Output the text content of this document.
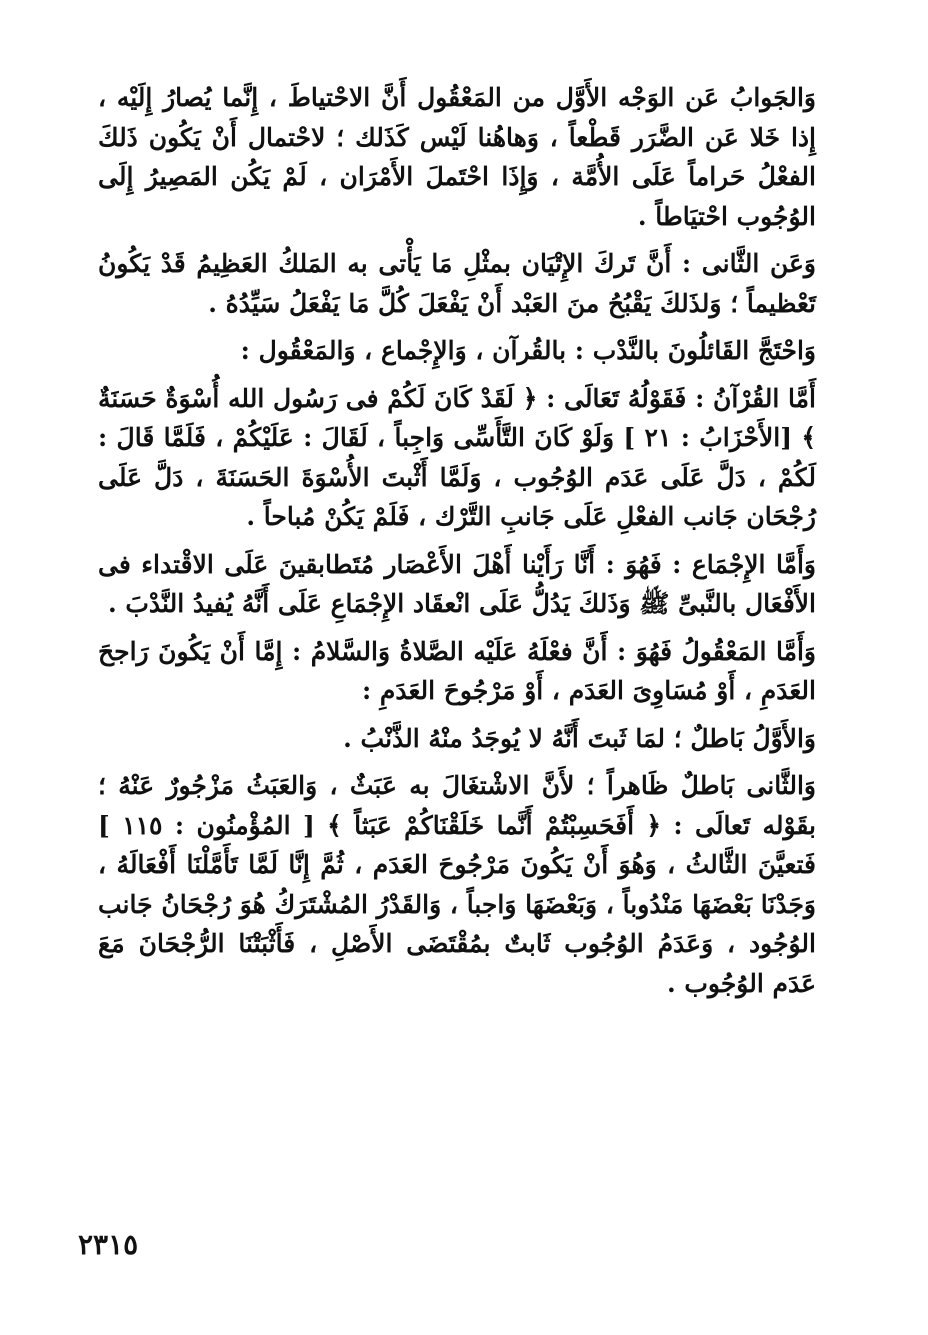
وَالجَوابُ عَن الوَجْه الأَوَّل من المَعْقُول أَنَّ الاحْتياطَ ، إِنَّما يُصارُ إِلَيْه ، إِذا خَلا عَن الضَّرَر قَطْعاً ، وَهاهُنا لَيْس كَذَلك ؛ لاحْتمال أَنْ يَكُون ذَلكَ الفعْلُ حَراماً عَلَى الأُمَّة ، وَإِذَا احْتَملَ الأَمْرَان ، لَمْ يَكُن المَصِيرُ إِلَى الوُجُوب احْتيَاطاً .

وَعَن الثَّانى : أَنَّ تَركَ الإِتْيَان بمثْلِ مَا يَأْتى به المَلكُ العَظِيمُ قَدْ يَكُونُ تَعْظيماً ؛ وَلذَلكَ يَقْبُحُ منَ العَبْد أَنْ يَفْعَلَ كُلَّ مَا يَفْعَلُ سَيِّدُهُ .

وَاحْتَجَّ القَائلُونَ بالنَّدْب : بالقُرآن ، وَالإِجْماع ، وَالمَعْقُول :

أَمَّا القُرْآنُ : فَقَوْلُهُ تَعَالَى : ﴿ لَقَدْ كَانَ لَكُمْ فى رَسُول الله أُسْوَةٌ حَسَنَةٌ ﴾ [الأَحْزَابُ : ٢١ ] وَلَوْ كَانَ التَّأَسِّى وَاجِباً ، لَقَالَ : عَلَيْكُمْ ، فَلَمَّا قَالَ : لَكُمْ ، دَلَّ عَلَى عَدَم الوُجُوب ، وَلَمَّا أَثْبتَ الأُسْوَةَ الحَسَنَةَ ، دَلَّ عَلَى رُجْحَان جَانب الفعْلِ عَلَى جَانبِ التَّرْك ، فَلَمْ يَكُنْ مُباحاً .

وَأَمَّا الإِجْمَاع : فَهُوَ : أَنَّا رَأَيْنا أَهْلَ الأَعْصَار مُتَطابقينَ عَلَى الاقْتداء فى الأَفْعَال بالنَّبىِّ ﷺ وَذَلكَ يَدُلُّ عَلَى انْعقَاد الإِجْمَاعِ عَلَى أَنَّهُ يُفيدُ النَّدْبَ .

وَأَمَّا المَعْقُولُ فَهُوَ : أَنَّ فعْلَهُ عَلَيْه الصَّلاةُ وَالسَّلامُ : إِمَّا أَنْ يَكُونَ رَاجحَ العَدَمِ ، أَوْ مُسَاوِىَ العَدَم ، أَوْ مَرْجُوحَ العَدَمِ :

وَالأَوَّلُ بَاطلٌ ؛ لمَا ثَبتَ أَنَّهُ لا يُوجَدُ منْهُ الذَّنْبُ .

وَالثَّانى بَاطلٌ ظَاهراً ؛ لأَنَّ الاشْتغَالَ به عَبَثٌ ، وَالعَبَثُ مَزْجُورٌ عَنْهُ ؛ بقَوْله تَعالَى : ﴿ أَفَحَسِبْتُمْ أَنَّما خَلَقْنَاكُمْ عَبَثاً ﴾ [ المُؤْمنُون : ١١٥ ] فَتعيَّنَ الثَّالثُ ، وَهُوَ أَنْ يَكُونَ مَرْجُوحَ العَدَم ، ثُمَّ إِنَّا لَمَّا تَأَمَّلْنَا أَفْعَالَهُ ، وَجَدْنَا بَعْضَهَا مَنْدُوباً ، وَبَعْضَهَا وَاجباً ، وَالقَدْرُ المُشْتَرَكُ هُوَ رُجْحَانُ جَانب الوُجُود ، وَعَدَمُ الوُجُوب ثَابتٌ بمُقْتَضَى الأَصْلِ ، فَأَثْبَتْنَا الرُّجْحَانَ مَعَ عَدَم الوُجُوب .

٢٣١٥
